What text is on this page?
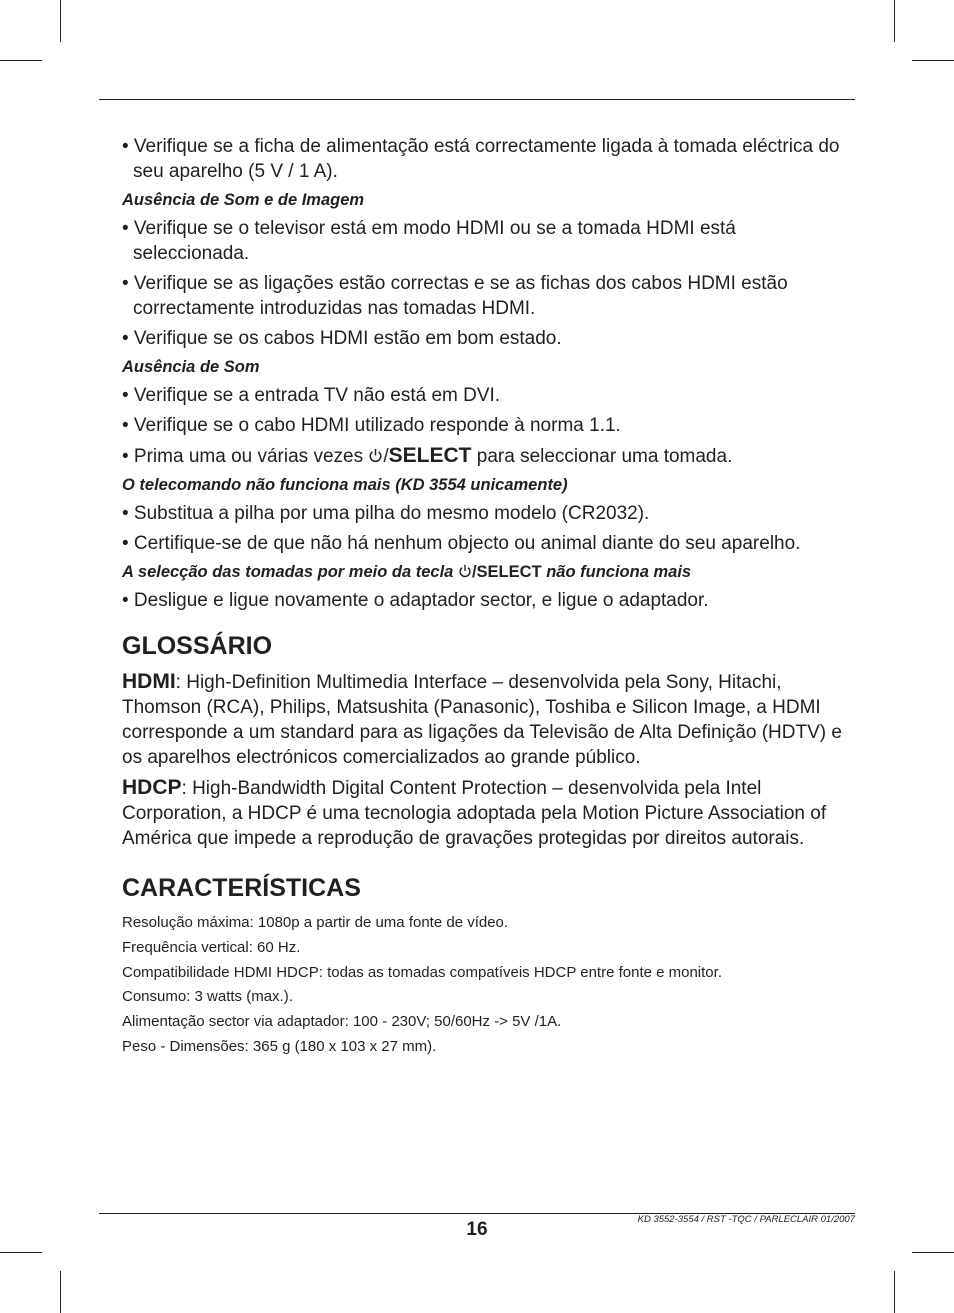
• Verifique se a ficha de alimentação está correctamente ligada à tomada eléctrica do seu aparelho (5 V / 1 A).

Ausência de Som e de Imagem

• Verifique se o televisor está em modo HDMI ou se a tomada HDMI está seleccionada.

• Verifique se as ligações estão correctas e se as fichas dos cabos HDMI estão correctamente introduzidas nas tomadas HDMI.

• Verifique se os cabos HDMI estão em bom estado.

Ausência de Som

• Verifique se a entrada TV não está em DVI.

• Verifique se o cabo HDMI utilizado responde à norma 1.1.

• Prima uma ou várias vezes /SELECT para seleccionar uma tomada.

O telecomando não funciona mais (KD 3554 unicamente)

• Substitua a pilha por uma pilha do mesmo modelo (CR2032).

• Certifique-se de que não há nenhum objecto ou animal diante do seu aparelho.

A selecção das tomadas por meio da tecla /SELECT não funciona mais

• Desligue e ligue novamente o adaptador sector, e ligue o adaptador.

GLOSSÁRIO

HDMI: High-Definition Multimedia Interface – desenvolvida pela Sony, Hitachi, Thomson (RCA), Philips, Matsushita (Panasonic), Toshiba e Silicon Image, a HDMI corresponde a um standard para as ligações da Televisão de Alta Definição (HDTV) e os aparelhos electrónicos comercializados ao grande público.

HDCP: High-Bandwidth Digital Content Protection – desenvolvida pela Intel Corporation, a HDCP é uma tecnologia adoptada pela Motion Picture Association of América que impede a reprodução de gravações protegidas por direitos autorais.

CARACTERÍSTICAS

Resolução máxima: 1080p a partir de uma fonte de vídeo.

Frequência vertical: 60 Hz.

Compatibilidade HDMI HDCP: todas as tomadas compatíveis HDCP entre fonte e monitor.

Consumo: 3 watts (max.).

Alimentação sector via adaptador: 100 - 230V; 50/60Hz -> 5V /1A.

Peso - Dimensões: 365 g (180 x 103 x 27 mm).

16	KD 3552-3554 / RST -TQC / PARLECLAIR 01/2007
